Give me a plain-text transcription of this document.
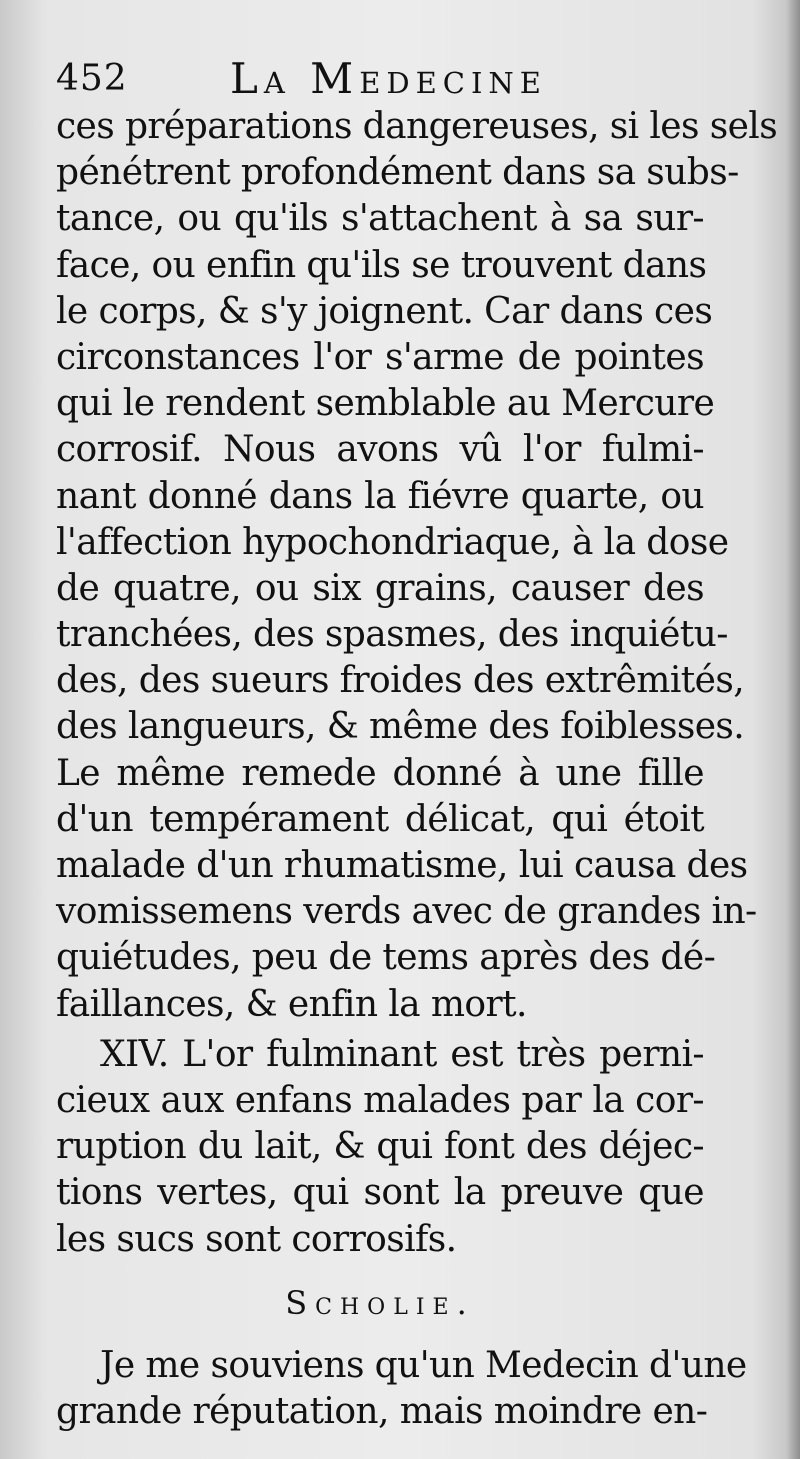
452 La Medecine
ces préparations dangereuses, si les sels
pénétrent profondément dans sa subs-
tance, ou qu'ils s'attachent à sa sur-
face, ou enfin qu'ils se trouvent dans
le corps, & s'y joignent. Car dans ces
circonstances l'or s'arme de pointes
qui le rendent semblable au Mercure
corrosif. Nous avons vû l'or fulmi-
nant donné dans la fiévre quarte, ou
l'affection hypochondriaque, à la dose
de quatre, ou six grains, causer des
tranchées, des spasmes, des inquiétu-
des, des sueurs froides des extrêmités,
des langueurs, & même des foiblesses.
Le même remede donné à une fille
d'un tempérament délicat, qui étoit
malade d'un rhumatisme, lui causa des
vomissemens verds avec de grandes in-
quiétudes, peu de tems après des dé-
faillances, & enfin la mort.
XIV. L'or fulminant est très perni-
cieux aux enfans malades par la cor-
ruption du lait, & qui font des déjec-
tions vertes, qui sont la preuve que
les sucs sont corrosifs.
Scholie.
Je me souviens qu'un Medecin d'une
grande réputation, mais moindre en-
